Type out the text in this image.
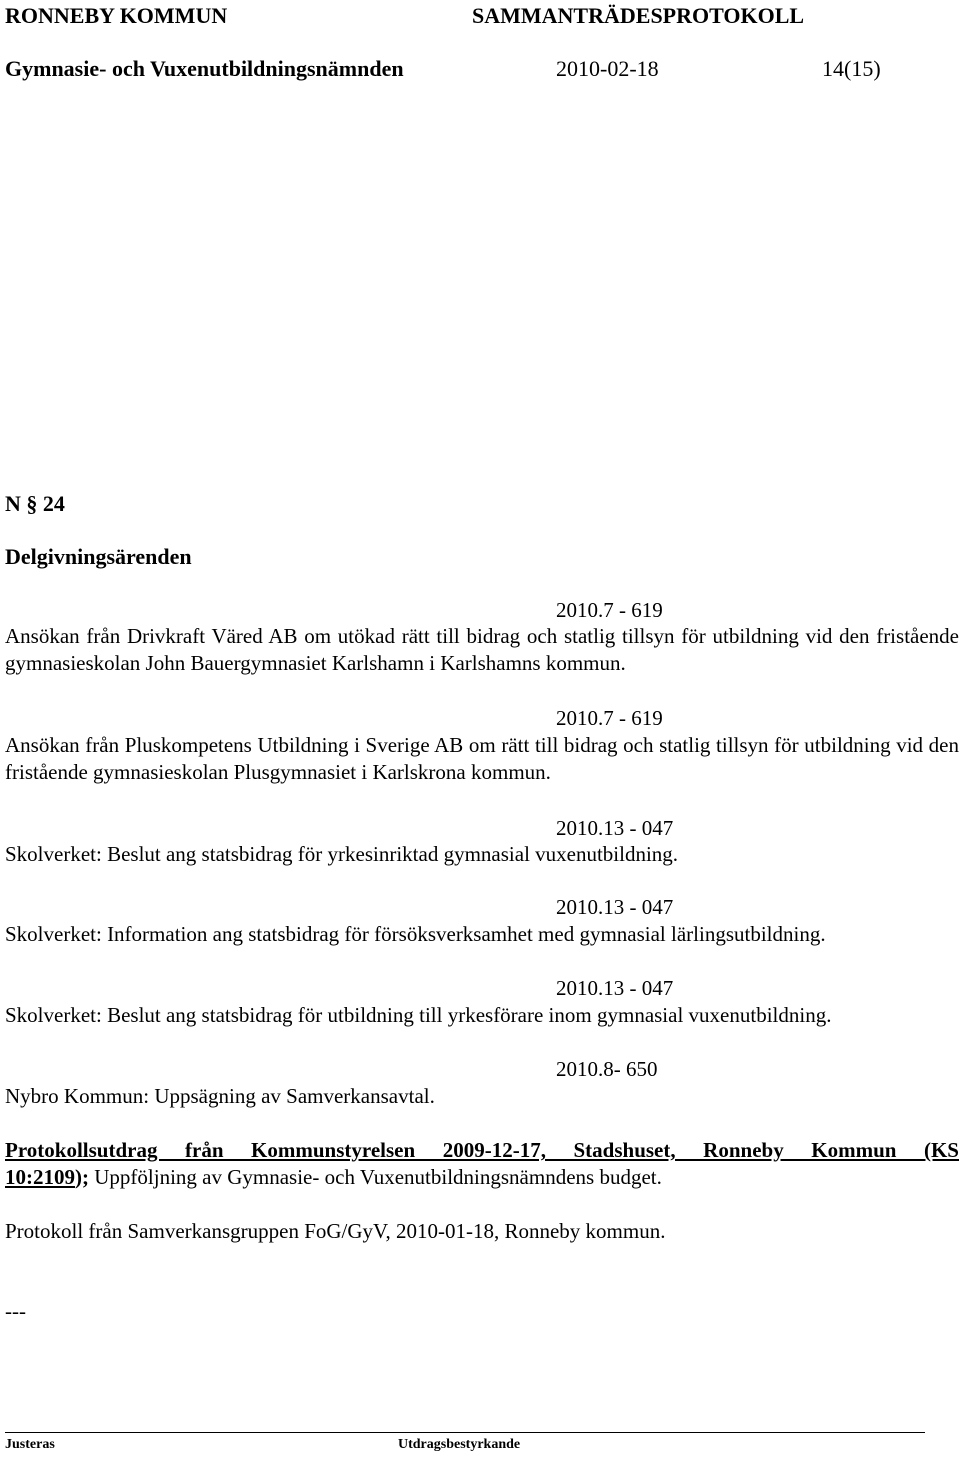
RONNEBY KOMMUN	SAMMANTRÄDESPROTOKOLL
Gymnasie- och Vuxenutbildningsnämnden	2010-02-18	14(15)
N § 24
Delgivningsärenden
2010.7 - 619
Ansökan från Drivkraft Väred AB om utökad rätt till bidrag och statlig tillsyn för utbildning vid den fristående gymnasieskolan John Bauergymnasiet Karlshamn i Karlshamns kommun.
2010.7 - 619
Ansökan från Pluskompetens Utbildning i Sverige AB om rätt till bidrag och statlig tillsyn för utbildning vid den fristående gymnasieskolan Plusgymnasiet i Karlskrona kommun.
2010.13 - 047
Skolverket: Beslut ang statsbidrag för yrkesinriktad gymnasial vuxenutbildning.
2010.13 - 047
Skolverket: Information ang statsbidrag för försöksverksamhet med gymnasial lärlingsutbildning.
2010.13 - 047
Skolverket: Beslut ang statsbidrag för utbildning till yrkesförare inom gymnasial vuxenutbildning.
2010.8- 650
Nybro Kommun: Uppsägning av Samverkansavtal.
Protokollsutdrag från Kommunstyrelsen 2009-12-17, Stadshuset, Ronneby Kommun (KS
10:2109); Uppföljning av Gymnasie- och Vuxenutbildningsnämndens budget.
Protokoll från Samverkansgruppen FoG/GyV, 2010-01-18, Ronneby kommun.
---
Justeras	Utdragsbestyrkande
